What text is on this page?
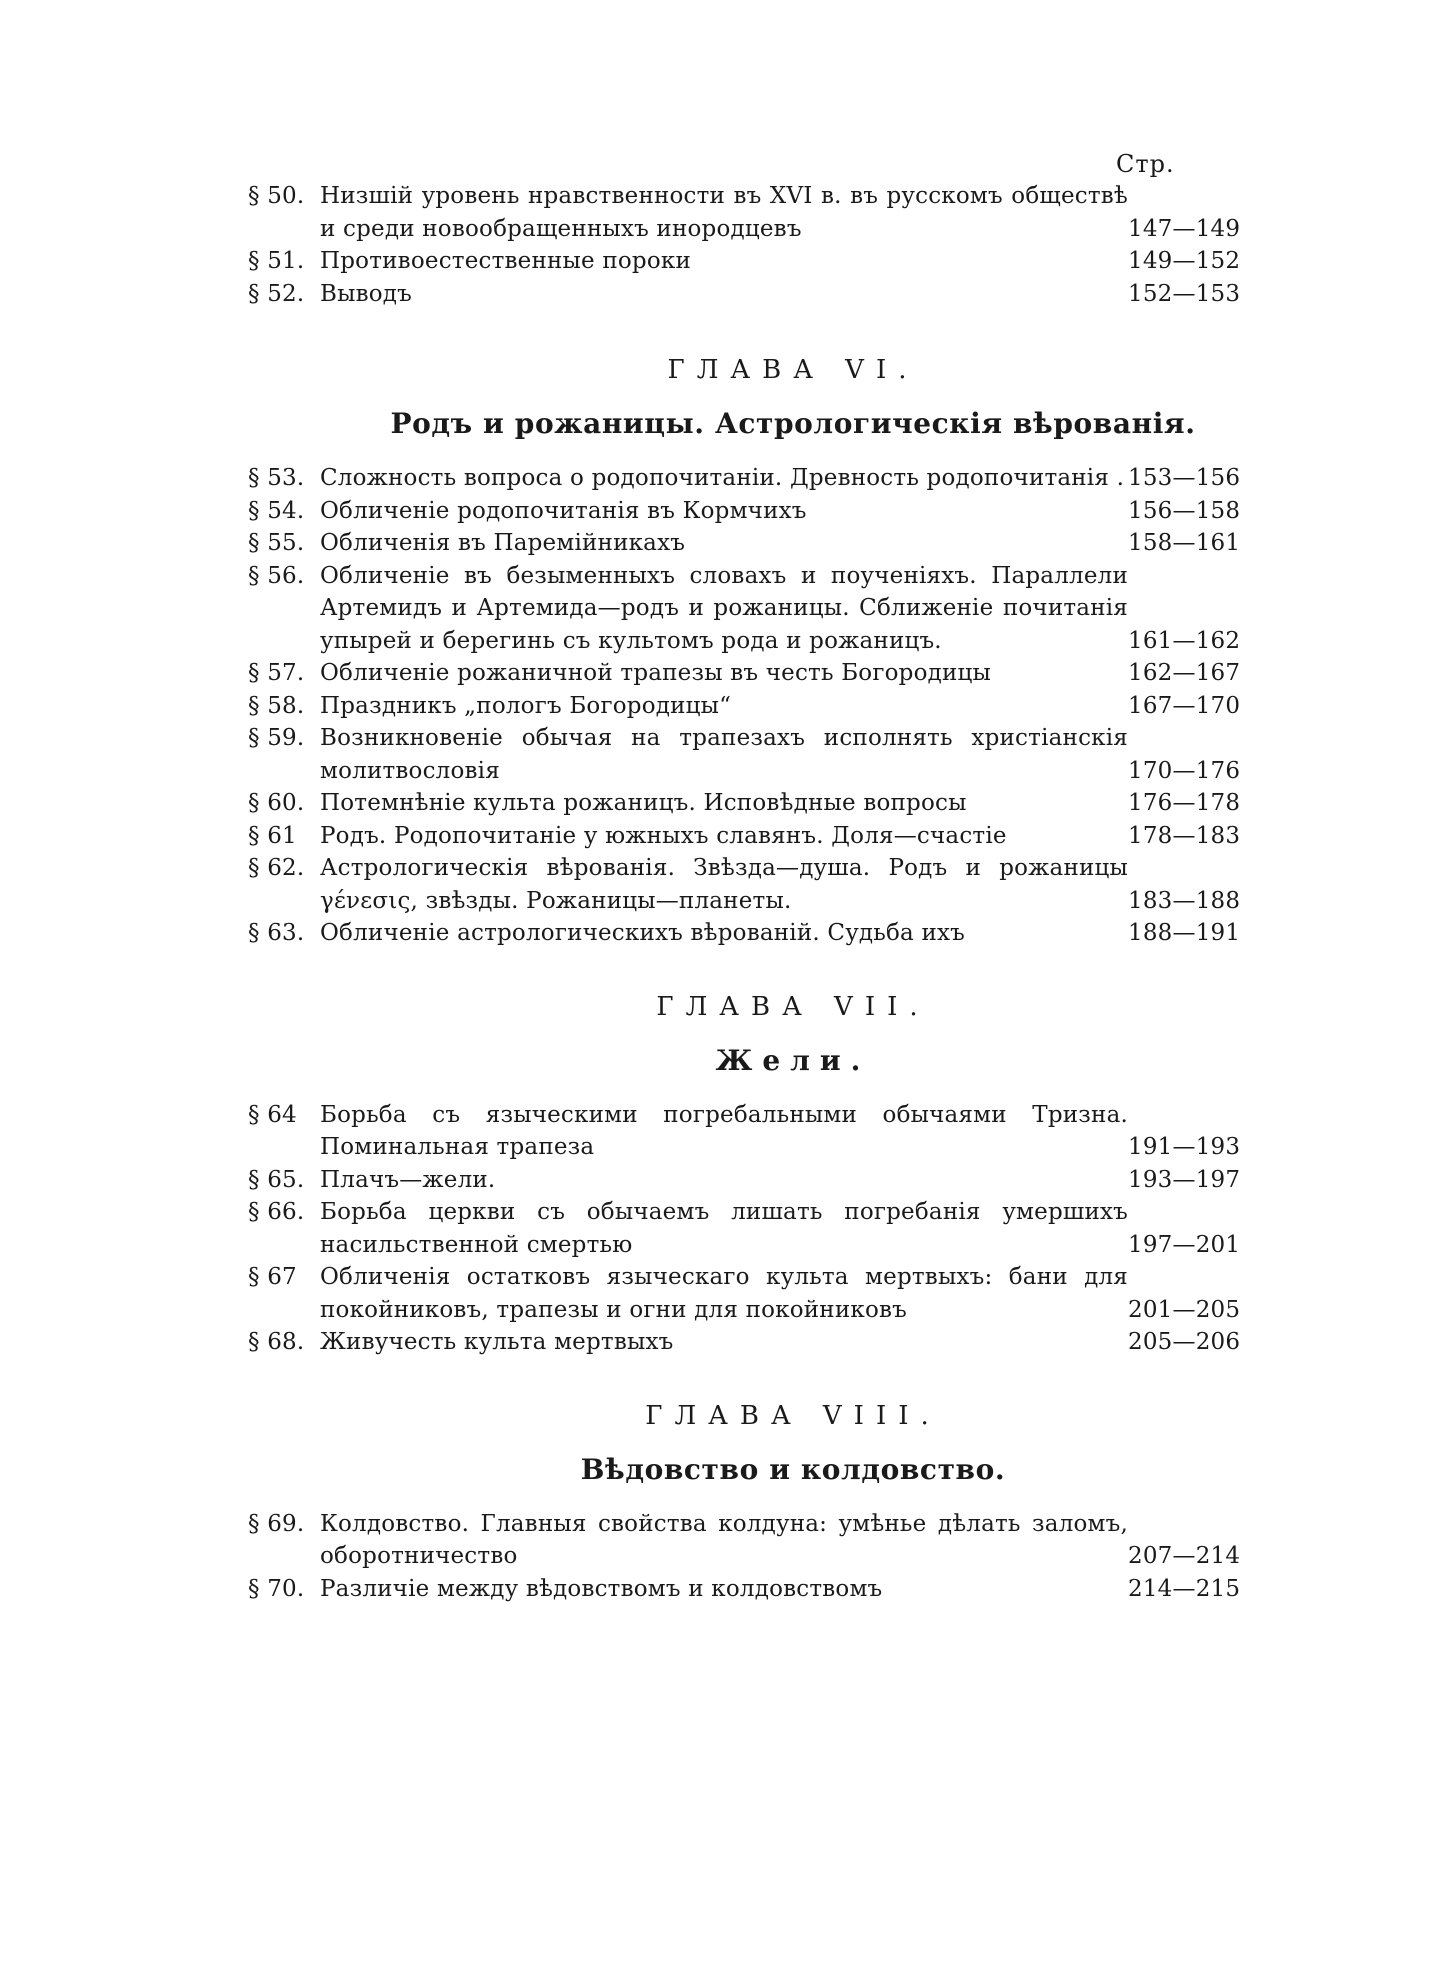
Стр.
§ 50. Низшій уровень нравственности въ XVI в. въ русскомъ обществѣ и среди новообращенныхъ инородцевъ	147—149
§ 51. Противоестественные пороки	149—152
§ 52. Выводъ	152—153
ГЛАВА VI.
Родъ и рожаницы. Астрологическія вѣрованія.
§ 53. Сложность вопроса о родопочитаніи. Древность родопочитанія . 153—156
§ 54. Обличеніе родопочитанія въ Кормчихъ	156—158
§ 55. Обличенія въ Паремійникахъ	158—161
§ 56. Обличеніе въ безыменныхъ словахъ и поученіяхъ. Параллели Артемидъ и Артемида—родъ и рожаницы. Сближеніе почитанія упырей и берегинь съ культомъ рода и рожаницъ.	161—162
§ 57. Обличеніе рожаничной трапезы въ честь Богородицы	162—167
§ 58. Праздникъ „пологъ Богородицы“	167—170
§ 59. Возникновеніе обычая на трапезахъ исполнять христіанскія молитвословія	170—176
§ 60. Потемнѣніе культа рожаницъ. Исповѣдные вопросы	176—178
§ 61	Родъ. Родопочитаніе у южныхъ славянъ. Доля—счастіе	178—183
§ 62. Астрологическія вѣрованія. Звѣзда—душа. Родъ и рожаницы γένεσις, звѣзды. Рожаницы—планеты.	183—188
§ 63. Обличеніе астрологическихъ вѣрованій. Судьба ихъ	188—191
ГЛАВА VII.
Жели.
§ 64	Борьба съ языческими погребальными обычаями Тризна. Поминальная трапеза	191—193
§ 65. Плачъ—жели.	193—197
§ 66. Борьба церкви съ обычаемъ лишать погребанія умершихъ насильственной смертью	197—201
§ 67	Обличенія остатковъ языческаго культа мертвыхъ: бани для покойниковъ, трапезы и огни для покойниковъ	201—205
§ 68. Живучесть культа мертвыхъ	205—206
ГЛАВА VIII.
Вѣдовство и колдовство.
§ 69. Колдовство. Главныя свойства колдуна: умѣнье дѣлать заломъ, оборотничество	207—214
§ 70. Различіе между вѣдовствомъ и колдовствомъ	214—215
